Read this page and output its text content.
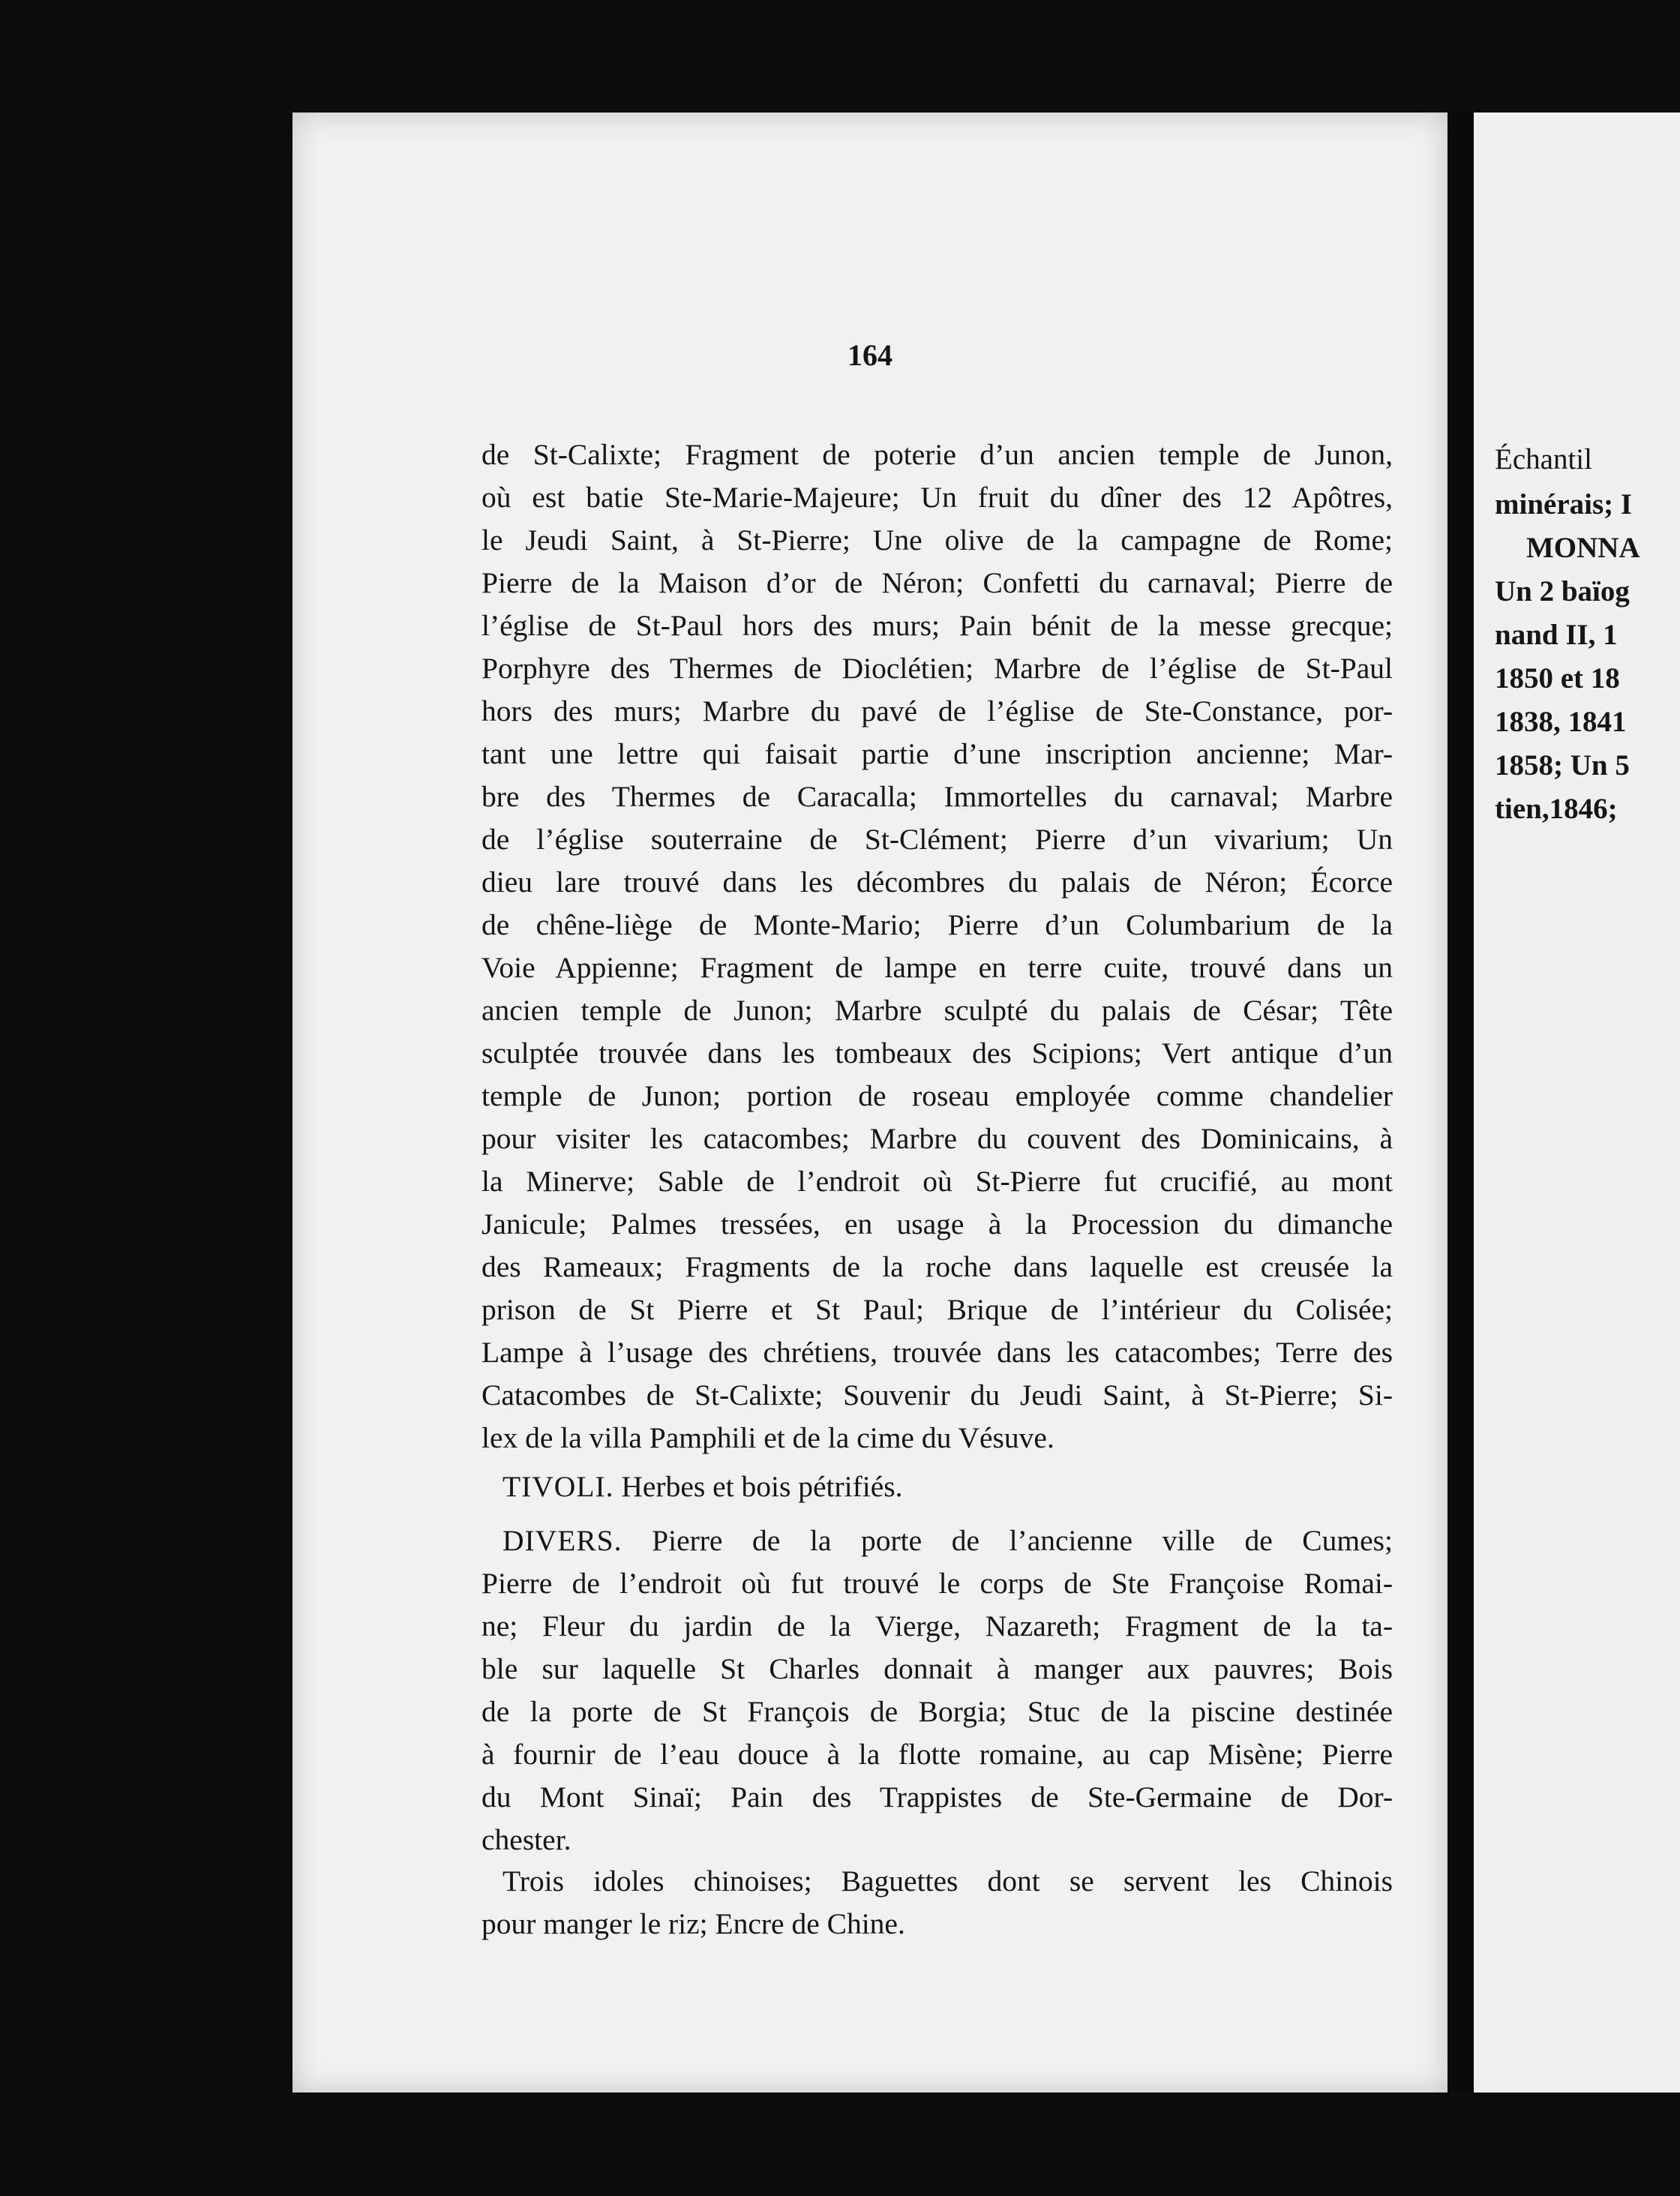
164
de St-Calixte; Fragment de poterie d’un ancien temple de Junon,
où est batie Ste-Marie-Majeure; Un fruit du dîner des 12 Apôtres,
le Jeudi Saint, à St-Pierre; Une olive de la campagne de Rome;
Pierre de la Maison d’or de Néron; Confetti du carnaval; Pierre de
l’église de St-Paul hors des murs; Pain bénit de la messe grecque;
Porphyre des Thermes de Dioclétien; Marbre de l’église de St-Paul
hors des murs; Marbre du pavé de l’église de Ste-Constance, por-
tant une lettre qui faisait partie d’une inscription ancienne; Mar-
bre des Thermes de Caracalla; Immortelles du carnaval; Marbre
de l’église souterraine de St-Clément; Pierre d’un vivarium; Un
dieu lare trouvé dans les décombres du palais de Néron; Écorce
de chêne-liège de Monte-Mario; Pierre d’un Columbarium de la
Voie Appienne; Fragment de lampe en terre cuite, trouvé dans un
ancien temple de Junon; Marbre sculpté du palais de César; Tête
sculptée trouvée dans les tombeaux des Scipions; Vert antique d’un
temple de Junon; portion de roseau employée comme chandelier
pour visiter les catacombes; Marbre du couvent des Dominicains, à
la Minerve; Sable de l’endroit où St-Pierre fut crucifié, au mont
Janicule; Palmes tressées, en usage à la Procession du dimanche
des Rameaux; Fragments de la roche dans laquelle est creusée la
prison de St Pierre et St Paul; Brique de l’intérieur du Colisée;
Lampe à l’usage des chrétiens, trouvée dans les catacombes; Terre des
Catacombes de St-Calixte; Souvenir du Jeudi Saint, à St-Pierre; Si-
lex de la villa Pamphili et de la cime du Vésuve.
TIVOLI. Herbes et bois pétrifiés.
DIVERS. Pierre de la porte de l’ancienne ville de Cumes;
Pierre de l’endroit où fut trouvé le corps de Ste Françoise Romai-
ne; Fleur du jardin de la Vierge, Nazareth; Fragment de la ta-
ble sur laquelle St Charles donnait à manger aux pauvres; Bois
de la porte de St François de Borgia; Stuc de la piscine destinée
à fournir de l’eau douce à la flotte romaine, au cap Misène; Pierre
du Mont Sinaï; Pain des Trappistes de Ste-Germaine de Dor-
chester.
Trois idoles chinoises; Baguettes dont se servent les Chinois
pour manger le riz; Encre de Chine.
Échantil
minérais; I
MONNA
Un 2 baïog
nand II, 1
1850 et 18
1838, 1841
1858; Un 5
tien,1846;
